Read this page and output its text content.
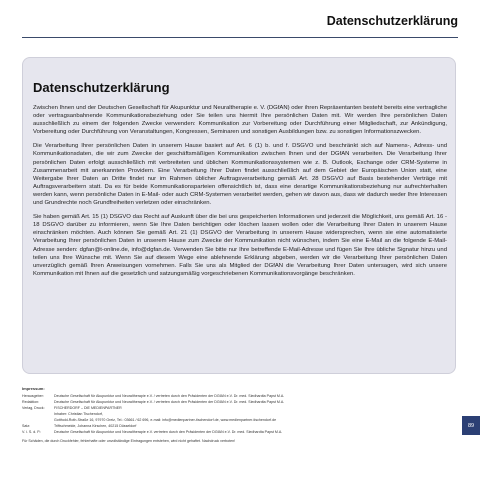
Datenschutzerklärung
Datenschutzerklärung

Zwischen Ihnen und der Deutschen Gesellschaft für Akupunktur und Neuraltherapie e. V. (DGfAN) oder ihren Repräsentanten besteht bereits eine vertragliche oder vertragsanbahnende Kommunikationsbeziehung oder Sie teilen uns hiermit Ihre persönlichen Daten mit. Wir werden Ihre persönlichen Daten ausschließlich zu einem der folgenden Zwecke verwenden: Kommunikation zur Vorbereitung oder Durchführung einer Mitgliedschaft, zur Ankündigung, Vorbereitung oder Durchführung von Veranstaltungen, Kongressen, Seminaren und sonstigen Ausbildungen bzw. zu sonstigen Informationszwecken.

Die Verarbeitung Ihrer persönlichen Daten in unserem Hause basiert auf Art. 6 (1) b. und f. DSGVO und beschränkt sich auf Namens-, Adress- und Kommunikationsdaten, die wir zum Zwecke der geschäftsmäßigen Kommunikation zwischen Ihnen und der DGfAN verarbeiten. Die Verarbeitung Ihrer persönlichen Daten erfolgt ausschließlich mit verbreiteten und üblichen Kommunikationssystemen wie z. B. Outlook, Exchange oder CRM-Systeme in Zusammenarbeit mit anerkannten Providern. Eine Verarbeitung Ihrer Daten findet ausschließlich auf dem Gebiet der Europäischen Union statt, eine Weitergabe Ihrer Daten an Dritte findet nur im Rahmen üblicher Auftragsverarbeitung gemäß Art. 28 DSGVO auf Basis bestehender Verträge mit Auftragsverarbeitern statt. Da es für beide Kommunikationsparteien offensichtlich ist, dass eine derartige Kommunikationsbeziehung nur aufrechterhalten werden kann, wenn persönliche Daten in E-Mail- oder auch CRM-Systemen verarbeitet werden, gehen wir davon aus, dass wir dadurch weder Ihre Interessen und Grundrechte noch Grundfreiheiten verletzen oder einschränken.

Sie haben gemäß Art. 15 (1) DSGVO das Recht auf Auskunft über die bei uns gespeicherten Informationen und jederzeit die Möglichkeit, uns gemäß Art. 16 - 18 DSGVO darüber zu informieren, wenn Sie Ihre Daten berichtigen oder löschen lassen wollen oder die Verarbeitung Ihrer Daten in unserem Hause einschränken möchten. Auch können Sie gemäß Art. 21 (1) DSGVO der Verarbeitung in unserem Hause widersprechen, wenn sie eine automatisierte Verarbeitung Ihrer persönlichen Daten in unserem Hause zum Zwecke der Kommunikation nicht wünschen, indem Sie eine E-Mail an die folgende E-Mail-Adresse senden: dgfan@t-online.de, info@dgfan.de. Verwenden Sie bitte nur Ihre betreffende E-Mail-Adresse und fügen Sie Ihre übliche Signatur hinzu und teilen uns Ihre Wünsche mit. Wenn Sie auf diesem Wege eine ablehnende Erklärung abgeben, werden wir die Verarbeitung Ihrer persönlichen Daten unverzüglich gemäß Ihren Anweisungen vornehmen. Falls Sie uns als Mitglied der DGfAN die Verarbeitung Ihrer Daten untersagen, wird sich unsere Kommunikation mit Ihnen auf die gesetzlich und satzungsmäßig vorgeschriebenen Kommunikationsvorgänge beschränken.

Impressum:
Herausgeber:	Deutsche Gesellschaft für Akupunktur und Neuraltherapie e.V. / vertreten durch den Präsidenten der DGfAN e.V. Dr. med. Siedhardta Papst M.A.
Redaktion:	Deutsche Gesellschaft für Akupunktur und Neuraltherapie e.V. / vertreten durch den Präsidenten der DGfAN e.V. Dr. med. Siedhardta Papst M.A.
Verlag, Druck:	FISCHERDORF – DIE MEDIENPARTNER
Inhaber: Christian Tischendorf,
Gotthold-Roth-Straße 16, 97970 Greiz, Tel.: 03661 / 62 696, e-mail: info@medienpartner-tischendorf.de, www.medienpartner-tischendorf.de
Satz:	Triftschmeide, Johanna Kirschen, 40215 Düsseldorf
V. i. S. d. P.:	Deutsche Gesellschaft für Akupunktur und Neuraltherapie e.V. vertreten durch den Präsidenten der DGfAN e.V. Dr. med. Siedhardta Papst M.A.
Für Schäden, die durch Druckfehler, fehlerhafte oder unvollständige Eintragungen entstehen, wird nicht gehaftet. Nachdruck verboten!
89
